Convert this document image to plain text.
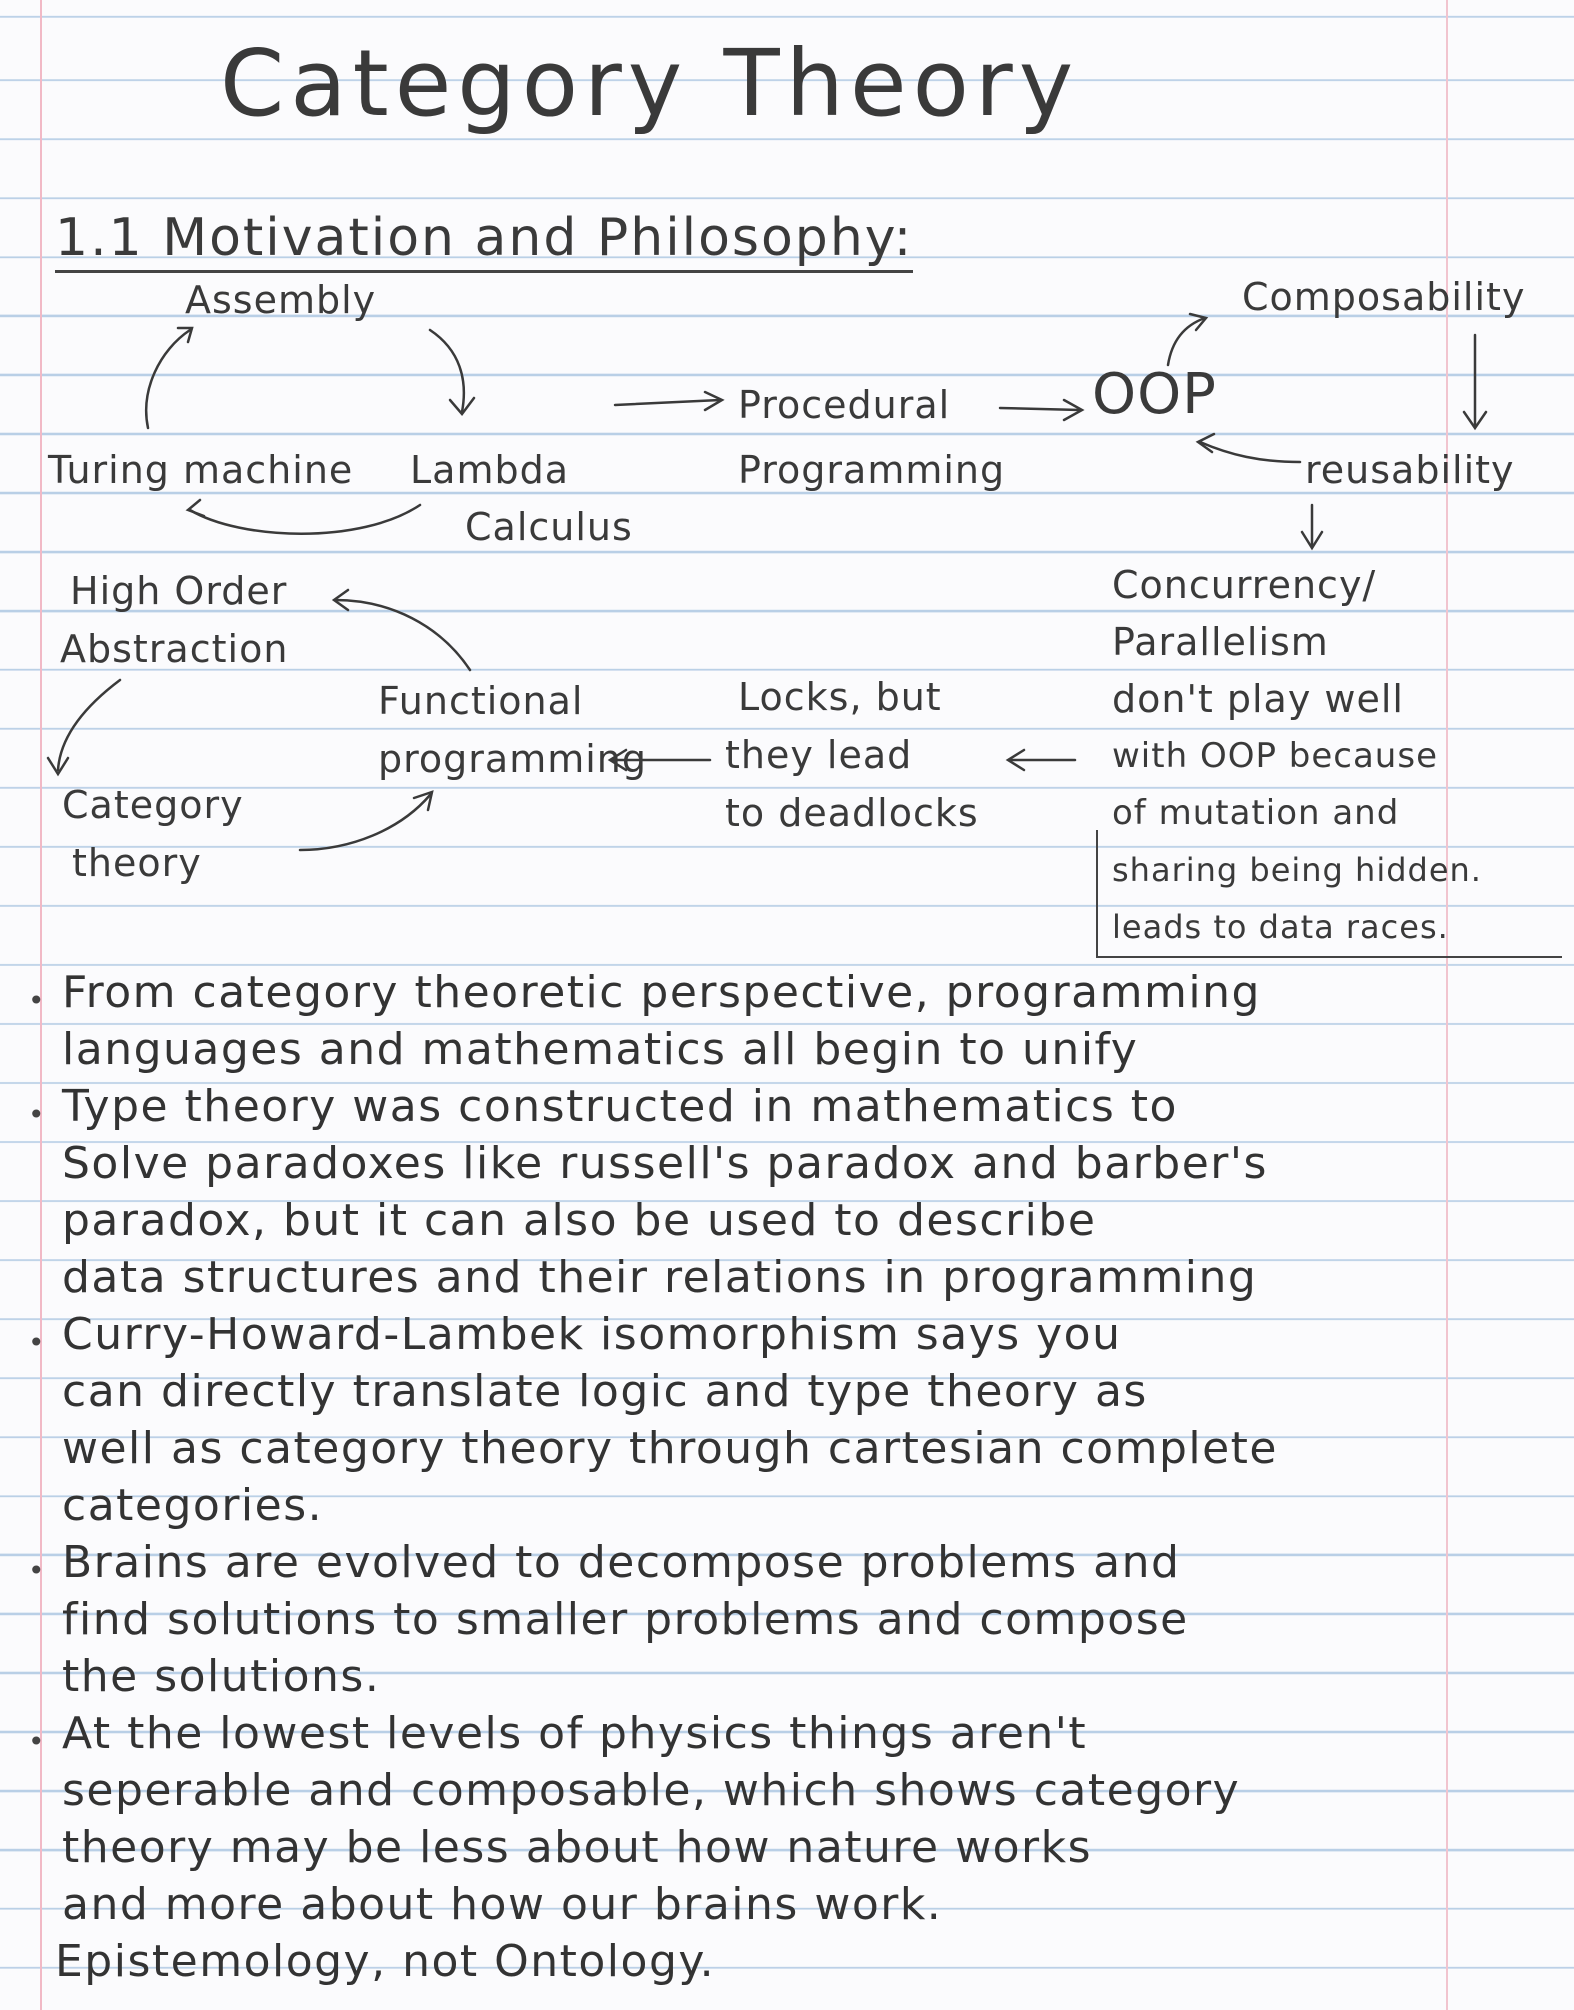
Category Theory
1.1 Motivation and Philosophy:
Assembly
Turing machine Lambda
Calculus
Procedural
Programming
OOP
Composability
reusability
Concurrency/
Parallelism
don't play well
with OOP because
of mutation and
sharing being hidden.
leads to data races.
Locks, but
they lead
to deadlocks
Functional
programming
High Order
Abstraction
Category
theory
• From category theoretic perspective, programming
languages and mathematics all begin to unify
• Type theory was constructed in mathematics to
Solve paradoxes like russell's paradox and barber's
paradox, but it can also be used to describe
data structures and their relations in programming
• Curry-Howard-Lambek isomorphism says you
can directly translate logic and type theory as
well as category theory through cartesian complete
categories.
• Brains are evolved to decompose problems and
find solutions to smaller problems and compose
the solutions.
• At the lowest levels of physics things aren't
seperable and composable, which shows category
theory may be less about how nature works
and more about how our brains work.
Epistemology, not Ontology.
